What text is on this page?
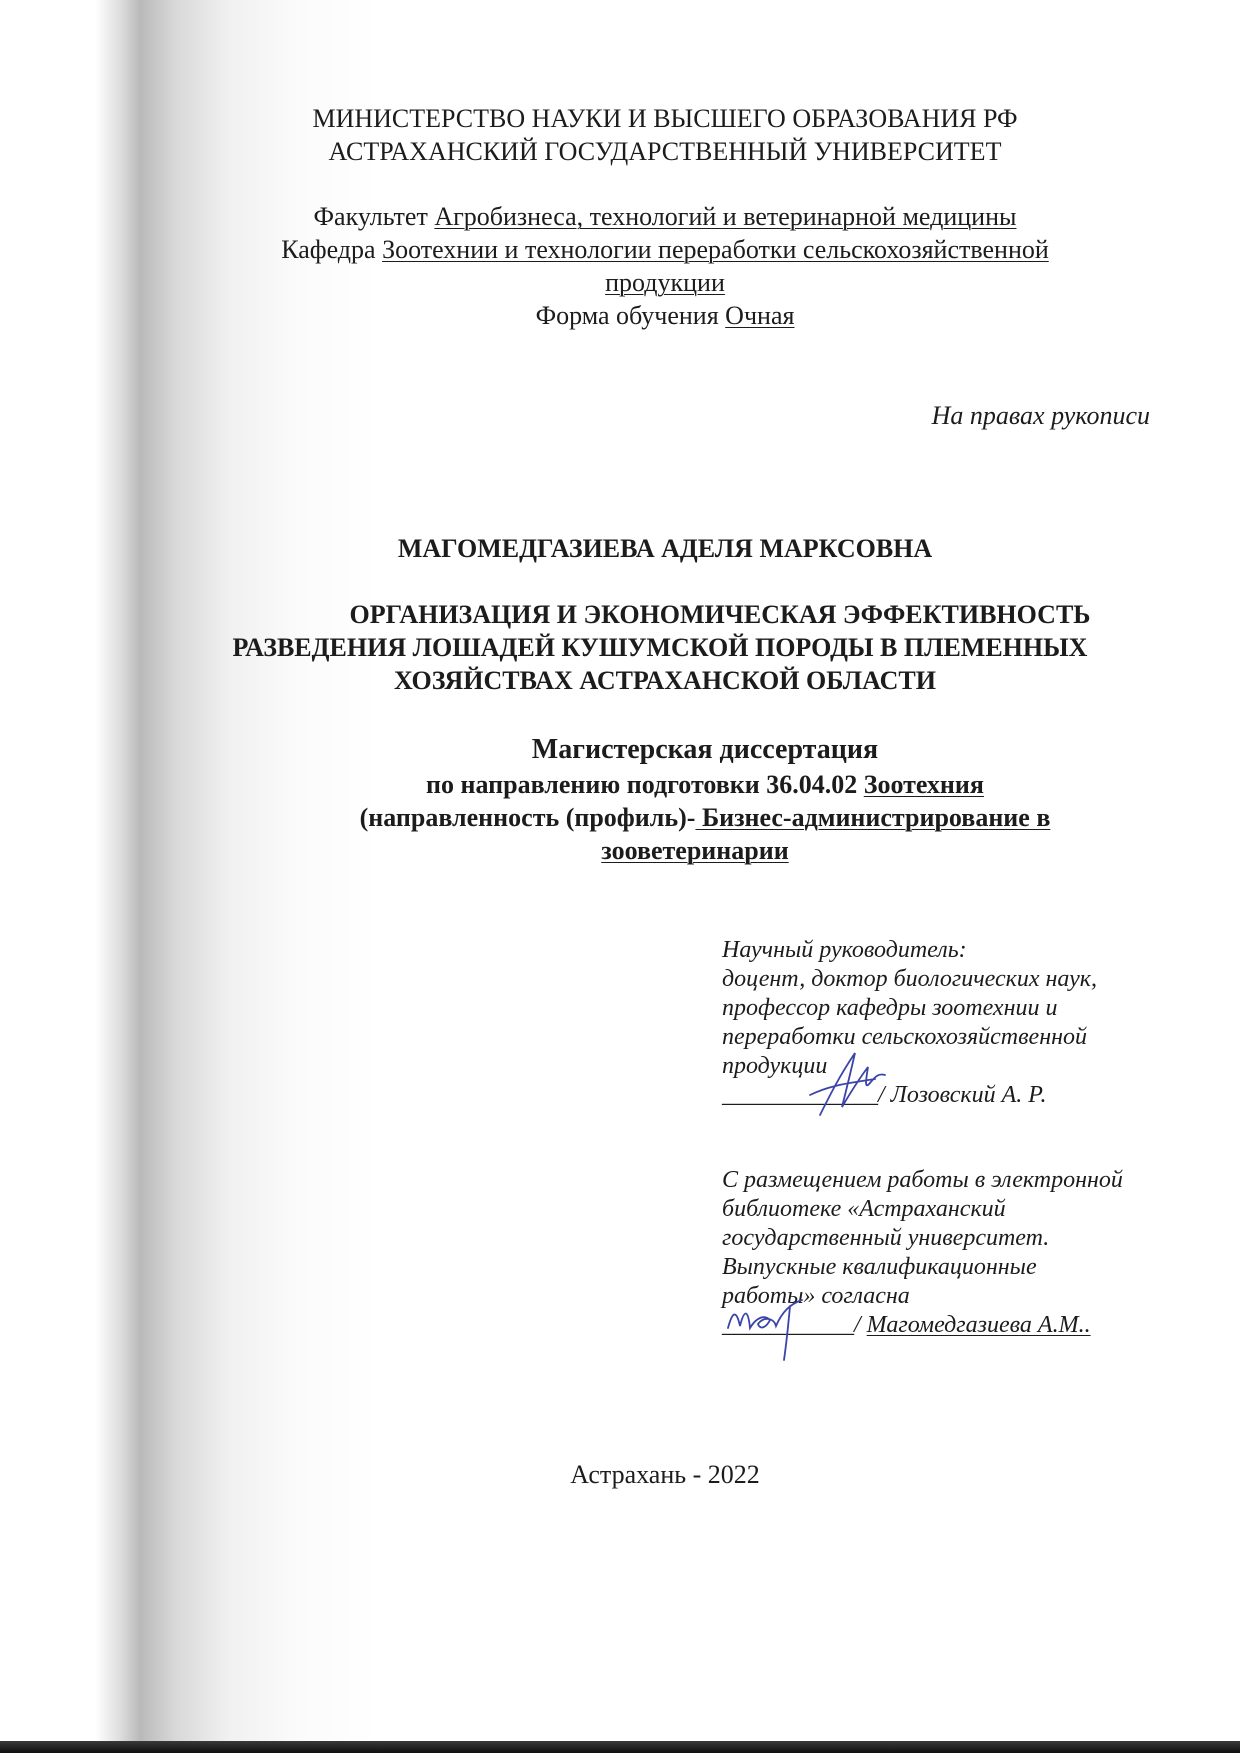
МИНИСТЕРСТВО НАУКИ И ВЫСШЕГО ОБРАЗОВАНИЯ РФ
АСТРАХАНСКИЙ ГОСУДАРСТВЕННЫЙ УНИВЕРСИТЕТ
Факультет Агробизнеса, технологий и ветеринарной медицины
Кафедра Зоотехнии и технологии переработки сельскохозяйственной
продукции
Форма обучения Очная
На правах рукописи
МАГОМЕДГАЗИЕВА АДЕЛЯ МАРКСОВНА
ОРГАНИЗАЦИЯ И ЭКОНОМИЧЕСКАЯ ЭФФЕКТИВНОСТЬ
РАЗВЕДЕНИЯ ЛОШАДЕЙ КУШУМСКОЙ ПОРОДЫ В ПЛЕМЕННЫХ
ХОЗЯЙСТВАХ АСТРАХАНСКОЙ ОБЛАСТИ
Магистерская диссертация
по направлению подготовки 36.04.02 Зоотехния
(направленность (профиль)- Бизнес-администрирование в
зооветеринарии
Научный руководитель:
доцент, доктор биологических наук,
профессор кафедры зоотехнии и
переработки сельскохозяйственной
продукции
_____________/ Лозовский А. Р.
С размещением работы в электронной
библиотеке «Астраханский
государственный университет.
Выпускные квалификационные
работы» согласна
___________/ Магомедгазиева А.М..
Астрахань - 2022
